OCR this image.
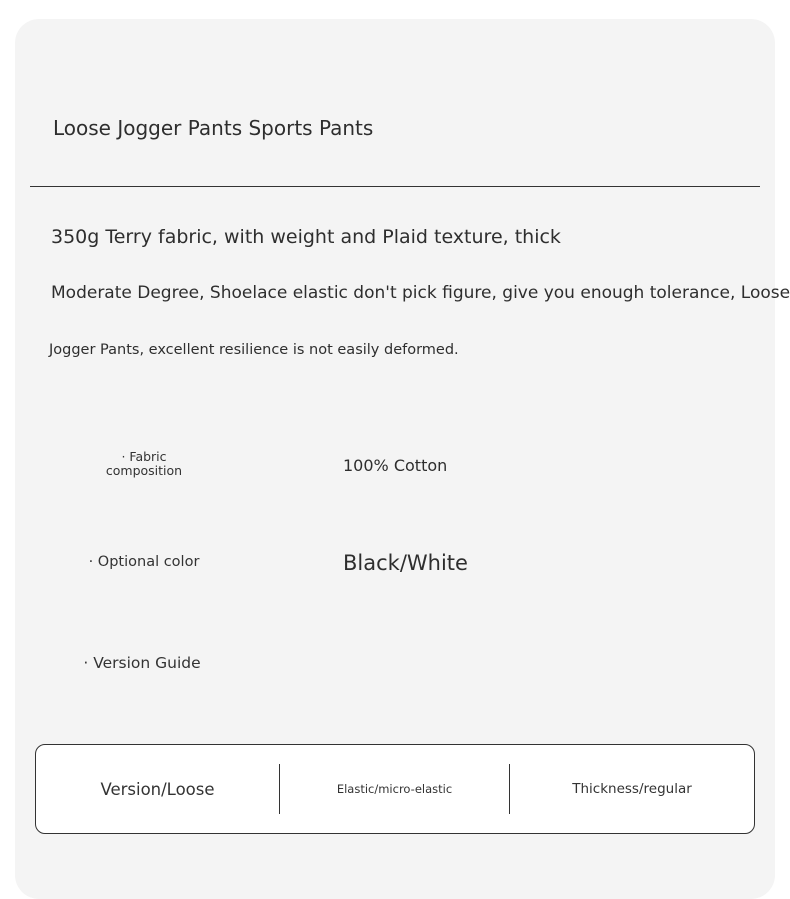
Loose Jogger Pants Sports Pants
350g Terry fabric, with weight and Plaid texture, thick
Moderate Degree, Shoelace elastic don't pick figure, give you enough tolerance, Loose
Jogger Pants, excellent resilience is not easily deformed.
· Fabric
composition	100% Cotton
· Optional color	Black/White
· Version Guide
Version/Loose	Elastic/micro-elastic	Thickness/regular
